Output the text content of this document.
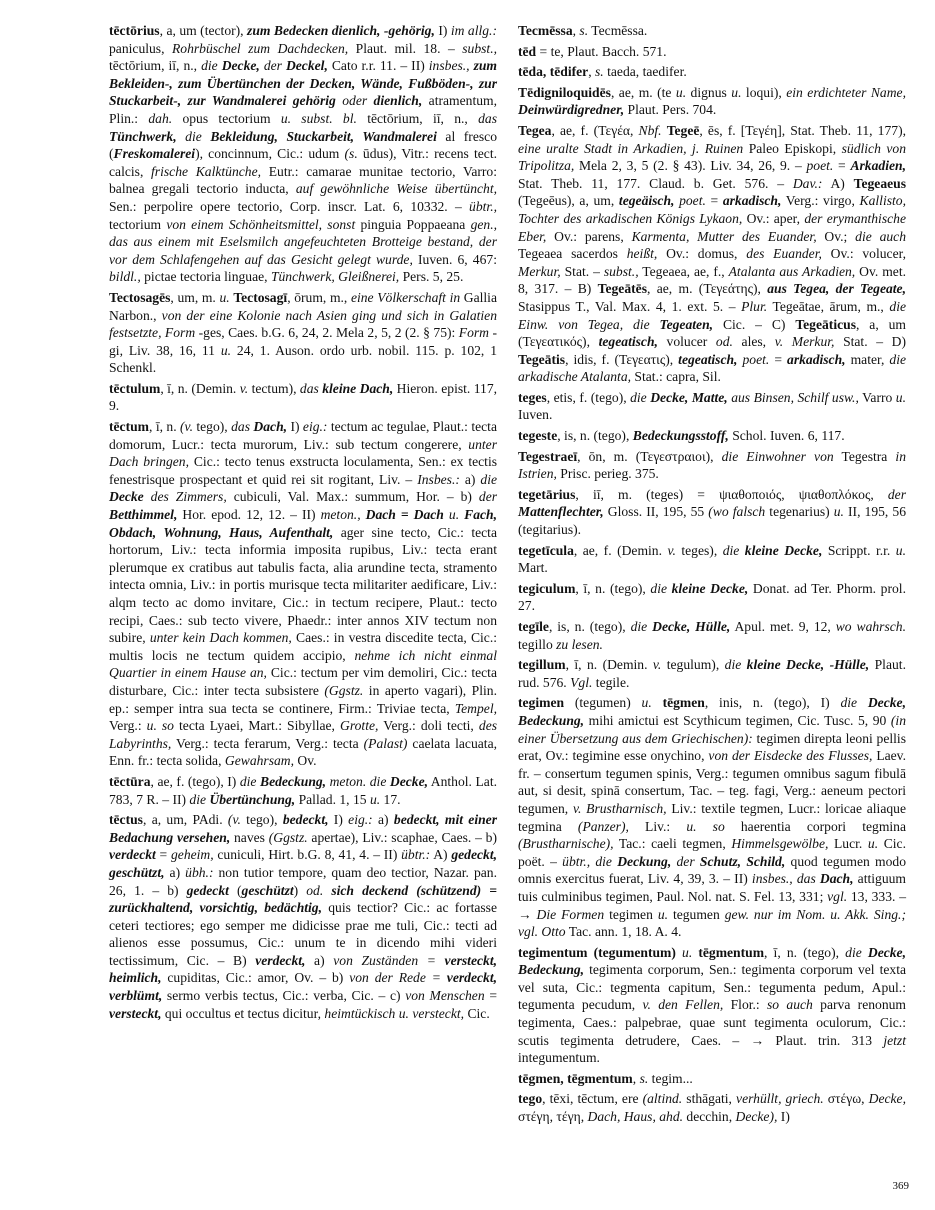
tēctōrius, a, um (tector), zum Bedecken dienlich, -gehörig, I) im allg.: paniculus, Rohrbüschel zum Dachdecken, Plaut. mil. 18. – subst., tēctōrium, iī, n., die Decke, der Deckel, Cato r.r. 11. – II) insbes., zum Bekleiden-, zum Übertünchen der Decken, Wände, Fußböden-, zur Stuckarbeit-, zur Wandmalerei gehörig oder dienlich, atramentum, Plin.: dah. opus tectorium u. subst. bl. tēctōrium, iī, n., das Tünchwerk, die Bekleidung, Stuckarbeit, Wandmalerei al fresco (Freskomalerei), concinnum, Cic.: udum (s. ūdus), Vitr.: recens tect. calcis, frische Kalktünche, Eutr.: camarae munitae tectorio, Varro: balnea gregali tectorio inducta, auf gewöhnliche Weise übertüncht, Sen.: perpolire opere tectorio, Corp. inscr. Lat. 6, 10332. – übtr., tectorium von einem Schönheitsmittel, sonst pinguia Poppaeana gen., das aus einem mit Eselsmilch angefeuchteten Brotteige bestand, der vor dem Schlafengehen auf das Gesicht gelegt wurde, Iuven. 6, 467: bildl., pictae tectoria linguae, Tünchwerk, Gleißnerei, Pers. 5, 25.
Tectosagēs, um, m. u. Tectosagī, ōrum, m., eine Völkerschaft in Gallia Narbon., von der eine Kolonie nach Asien ging und sich in Galatien festsetzte, Form -ges, Caes. b.G. 6, 24, 2. Mela 2, 5, 2 (2. § 75): Form -gi, Liv. 38, 16, 11 u. 24, 1. Auson. ordo urb. nobil. 115. p. 102, 1 Schenkl.
tēctulum, ī, n. (Demin. v. tectum), das kleine Dach, Hieron. epist. 117, 9.
tēctum, ī, n. (v. tego), das Dach, I) eig.: tectum ac tegulae, Plaut.: tecta domorum, Lucr.: tecta murorum, Liv.: sub tectum congerere, unter Dach bringen, Cic.: tecto tenus exstructa loculamenta, Sen.: ex tectis fenestrisque prospectant et quid rei sit rogitant, Liv. – Insbes.: a) die Decke des Zimmers, cubiculi, Val. Max.: summum, Hor. – b) der Betthimmel, Hor. epod. 12, 12. – II) meton., Dach = Dach u. Fach, Obdach, Wohnung, Haus, Aufenthalt, ager sine tecto, Cic.: tecta hortorum, Liv.: tecta informia imposita rupibus, Liv.: tecta erant plerumque ex cratibus aut tabulis facta, alia arundine tecta, stramento intecta omnia, Liv.: in portis murisque tecta militariter aedificare, Liv.: alqm tecto ac domo invitare, Cic.: in tectum recipere, Plaut.: tecto recipi, Caes.: sub tecto vivere, Phaedr.: inter annos XIV tectum non subire, unter kein Dach kommen, Caes.: in vestra discedite tecta, Cic.: multis locis ne tectum quidem accipio, nehme ich nicht einmal Quartier in einem Hause an, Cic.: tectum per vim demoliri, Cic.: tecta disturbare, Cic.: inter tecta subsistere (Ggstz. in aperto vagari), Plin. ep.: semper intra sua tecta se continere, Firm.: Triviae tecta, Tempel, Verg.: u. so tecta Lyaei, Mart.: Sibyllae, Grotte, Verg.: doli tecti, des Labyrinths, Verg.: tecta ferarum, Verg.: tecta (Palast) caelata lacuata, Enn. fr.: tecta solida, Gewahrsam, Ov.
tēctūra, ae, f. (tego), I) die Bedeckung, meton. die Decke, Anthol. Lat. 783, 7 R. – II) die Übertünchung, Pallad. 1, 15 u. 17.
tēctus, a, um, PAdi. (v. tego), bedeckt, I) eig.: a) bedeckt, mit einer Bedachung versehen, naves (Ggstz. apertae), Liv.: scaphae, Caes. – b) verdeckt = geheim, cuniculi, Hirt. b.G. 8, 41, 4. – II) übtr.: A) gedeckt, geschützt, a) übh.: non tutior tempore, quam deo tectior, Nazar. pan. 26, 1. – b) gedeckt (geschützt) od. sich deckend (schützend) = zurückhaltend, vorsichtig, bedächtig, quis tectior? Cic.: ac fortasse ceteri tectiores; ego semper me didicisse prae me tuli, Cic.: tecti ad alienos esse possumus, Cic.: unum te in dicendo mihi videri tectissimum, Cic. – B) verdeckt, a) von Zuständen = versteckt, heimlich, cupiditas, Cic.: amor, Ov. – b) von der Rede = verdeckt, verblümt, sermo verbis tectus, Cic.: verba, Cic. – c) von Menschen = versteckt, qui occultus et tectus dicitur, heimtückisch u. versteckt, Cic.
Tecmēssa, s. Tecmēssa.
tēd = te, Plaut. Bacch. 571.
tēda, tēdifer, s. taeda, taedifer.
Tēdigniloquidēs, ae, m. (te u. dignus u. loqui), ein erdichteter Name, Deinwürdigredner, Plaut. Pers. 704.
Tegea, ae, f. (Τεγέα, Nbf. Tegeē, ēs, f. [Τεγέη], Stat. Theb. 11, 177), eine uralte Stadt in Arkadien, j. Ruinen Paleo Episkopi, südlich von Tripolitza, Mela 2, 3, 5 (2. § 43). Liv. 34, 26, 9. – poet. = Arkadien, Stat. Theb. 11, 177. Claud. b. Get. 576. – Dav.: A) Tegeaeus (Tegeēus), a, um, tegeäisch, poet. = arkadisch, Verg.: virgo, Kallisto, Tochter des arkadischen Königs Lykaon, Ov.: aper, der erymanthische Eber, Ov.: parens, Karmenta, Mutter des Euander, Ov.; die auch Tegeaea sacerdos heißt, Ov.: domus, des Euander, Ov.: volucer, Merkur, Stat. – subst., Tegeaea, ae, f., Atalanta aus Arkadien, Ov. met. 8, 317. – B) Tegeātēs, ae, m. (Τεγεάτης), aus Tegea, der Tegeate, Stasippus T., Val. Max. 4, 1. ext. 5. – Plur. Tegeātae, ārum, m., die Einw. von Tegea, die Tegeaten, Cic. – C) Tegeāticus, a, um (Τεγεατικός), tegeatisch, volucer od. ales, v. Merkur, Stat. – D) Tegeātis, idis, f. (Τεγεατις), tegeatisch, poet. = arkadisch, mater, die arkadische Atalanta, Stat.: capra, Sil.
teges, etis, f. (tego), die Decke, Matte, aus Binsen, Schilf usw., Varro u. Iuven.
tegeste, is, n. (tego), Bedeckungsstoff, Schol. Iuven. 6, 117.
Tegestraeī, ōn, m. (Τεγεστραιοι), die Einwohner von Tegestra in Istrien, Prisc. perieg. 375.
tegetārius, iī, m. (teges) = ψιαθοποιός, ψιαθοπλόκος, der Mattenflechter, Gloss. II, 195, 55 (wo falsch tegenarius) u. II, 195, 56 (tegitarius).
tegetīcula, ae, f. (Demin. v. teges), die kleine Decke, Scrippt. r.r. u. Mart.
tegiculum, ī, n. (tego), die kleine Decke, Donat. ad Ter. Phorm. prol. 27.
tegīle, is, n. (tego), die Decke, Hülle, Apul. met. 9, 12, wo wahrsch. tegillo zu lesen.
tegillum, ī, n. (Demin. v. tegulum), die kleine Decke, -Hülle, Plaut. rud. 576. Vgl. tegile.
tegimen (tegumen) u. tēgmen, inis, n. (tego), I) die Decke, Bedeckung, mihi amictui est Scythicum tegimen, Cic. Tusc. 5, 90 (in einer Übersetzung aus dem Griechischen): tegimen direpta leoni pellis erat, Ov.: tegimine esse onychino, von der Eisdecke des Flusses, Laev. fr. – consertum tegumen spinis, Verg.: tegumen omnibus sagum fibulā aut, si desit, spinā consertum, Tac. – teg. fagi, Verg.: aeneum pectori tegumen, v. Brustharnisch, Liv.: textile tegmen, Lucr.: loricae aliaque tegmina (Panzer), Liv.: u. so haerentia corpori tegmina (Brustharnische), Tac.: caeli tegmen, Himmelsgewölbe, Lucr. u. Cic. poët. – übtr., die Deckung, der Schutz, Schild, quod tegumen modo omnis exercitus fuerat, Liv. 4, 39, 3. – II) insbes., das Dach, attiguum tuis culminibus tegimen, Paul. Nol. nat. S. Fel. 13, 331; vgl. 13, 333. – → Die Formen tegimen u. tegumen gew. nur im Nom. u. Akk. Sing.; vgl. Otto Tac. ann. 1, 18. A. 4.
tegimentum (tegumentum) u. tēgmentum, ī, n. (tego), die Decke, Bedeckung, tegimenta corporum, Sen.: tegimenta corporum vel texta vel suta, Cic.: tegmenta capitum, Sen.: tegumenta pedum, Apul.: tegumenta pecudum, v. den Fellen, Flor.: so auch parva renonum tegimenta, Caes.: palpebrae, quae sunt tegimenta oculorum, Cic.: scutis tegimenta detrudere, Caes. – → Plaut. trin. 313 jetzt integumentum.
tēgmen, tēgmentum, s. tegim...
tego, tēxi, tēctum, ere (altind. sthāgati, verhüllt, griech. στέγω, Decke, στέγη, τέγη, Dach, Haus, ahd. decchin, Decke), I)
369
